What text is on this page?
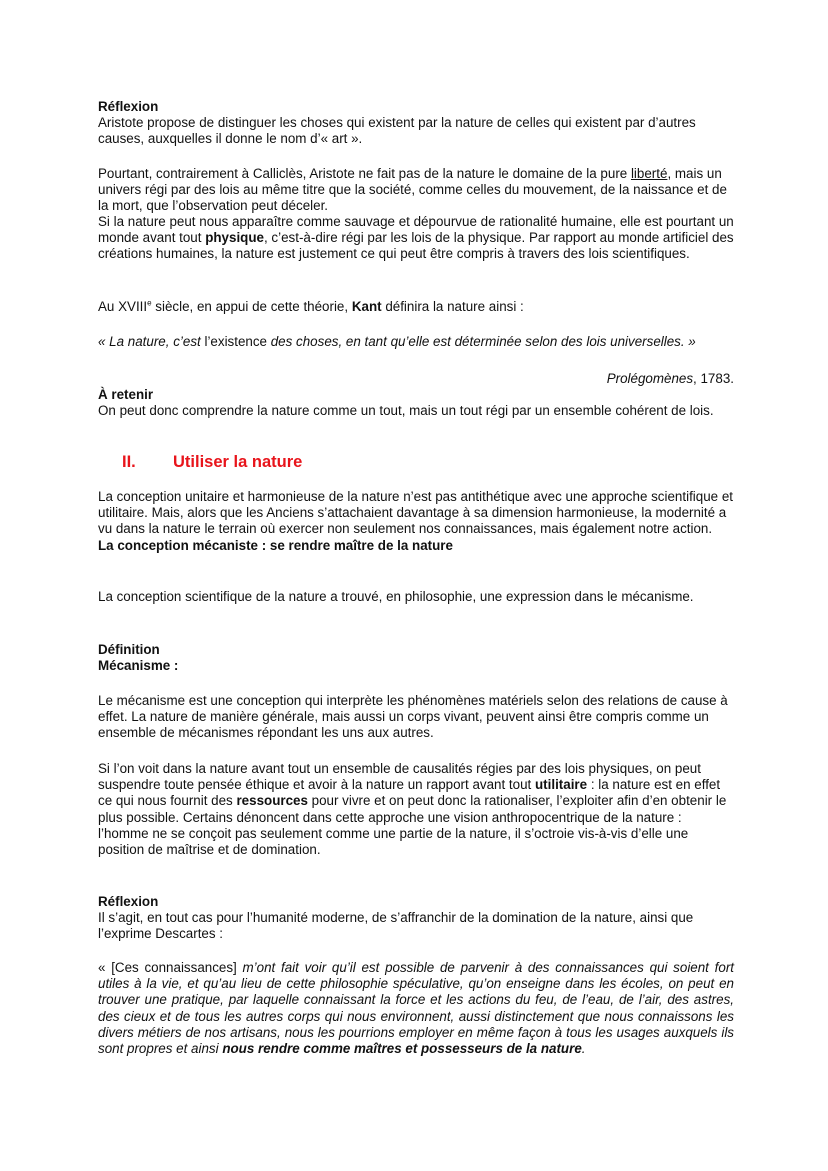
Réflexion
Aristote propose de distinguer les choses qui existent par la nature de celles qui existent par d’autres causes, auxquelles il donne le nom d’« art ».

Pourtant, contrairement à Calliclès, Aristote ne fait pas de la nature le domaine de la pure liberté, mais un univers régi par des lois au même titre que la société, comme celles du mouvement, de la naissance et de la mort, que l’observation peut déceler.

Si la nature peut nous apparaître comme sauvage et dépourvue de rationalité humaine, elle est pourtant un monde avant tout physique, c’est-à-dire régi par les lois de la physique. Par rapport au monde artificiel des créations humaines, la nature est justement ce qui peut être compris à travers des lois scientifiques.

Au XVIIIe siècle, en appui de cette théorie, Kant définira la nature ainsi :

« La nature, c’est l’existence des choses, en tant qu’elle est déterminée selon des lois universelles. »

Prolégomènes, 1783.

À retenir
On peut donc comprendre la nature comme un tout, mais un tout régi par un ensemble cohérent de lois.
II. Utiliser la nature
La conception unitaire et harmonieuse de la nature n’est pas antithétique avec une approche scientifique et utilitaire. Mais, alors que les Anciens s’attachaient davantage à sa dimension harmonieuse, la modernité a vu dans la nature le terrain où exercer non seulement nos connaissances, mais également notre action.
La conception mécaniste : se rendre maître de la nature

La conception scientifique de la nature a trouvé, en philosophie, une expression dans le mécanisme.

Définition
Mécanisme :

Le mécanisme est une conception qui interprète les phénomènes matériels selon des relations de cause à effet. La nature de manière générale, mais aussi un corps vivant, peuvent ainsi être compris comme un ensemble de mécanismes répondant les uns aux autres.

Si l’on voit dans la nature avant tout un ensemble de causalités régies par des lois physiques, on peut suspendre toute pensée éthique et avoir à la nature un rapport avant tout utilitaire : la nature est en effet ce qui nous fournit des ressources pour vivre et on peut donc la rationaliser, l’exploiter afin d’en obtenir le plus possible. Certains dénoncent dans cette approche une vision anthropocentrique de la nature : l’homme ne se conçoit pas seulement comme une partie de la nature, il s’octroie vis-à-vis d’elle une position de maîtrise et de domination.

Réflexion
Il s’agit, en tout cas pour l’humanité moderne, de s’affranchir de la domination de la nature, ainsi que l’exprime Descartes :

« [Ces connaissances] m’ont fait voir qu’il est possible de parvenir à des connaissances qui soient fort utiles à la vie, et qu’au lieu de cette philosophie spéculative, qu’on enseigne dans les écoles, on peut en trouver une pratique, par laquelle connaissant la force et les actions du feu, de l’eau, de l’air, des astres, des cieux et de tous les autres corps qui nous environnent, aussi distinctement que nous connaissons les divers métiers de nos artisans, nous les pourrions employer en même façon à tous les usages auxquels ils sont propres et ainsi nous rendre comme maîtres et possesseurs de la nature.
